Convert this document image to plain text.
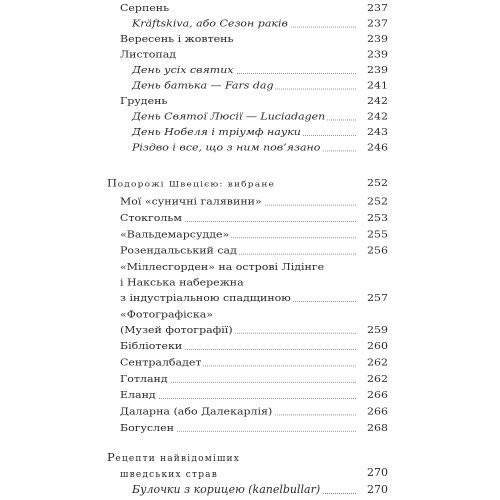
Серпень	237
Kräftskiva, або Сезон раків	237
Вересень і жовтень	239
Листопад	239
День усіх святих	239
День батька — Fars dag	241
Грудень	242
День Святої Люсії — Luciadagen	242
День Нобеля і тріумф науки	243
Різдво і все, що з ним пов’язано	246
Подорожі Швецією: вибране	252
Мої «суничні галявини»	252
Стокгольм	253
«Вальдемарсудде»	255
Розендальський сад	256
«Міллесгорден» на острові Лідінге
і Накська набережна
з індустріальною спадщиною	257
«Фотографіска»
(Музей фотографії)	259
Бібліотеки	260
Сентралбадет	262
Готланд	262
Еланд	266
Даларна (або Далекарлія)	266
Богуслен	268
Рецепти найвідоміших
шведських страв	270
Булочки з корицею (kanelbullar)	270
